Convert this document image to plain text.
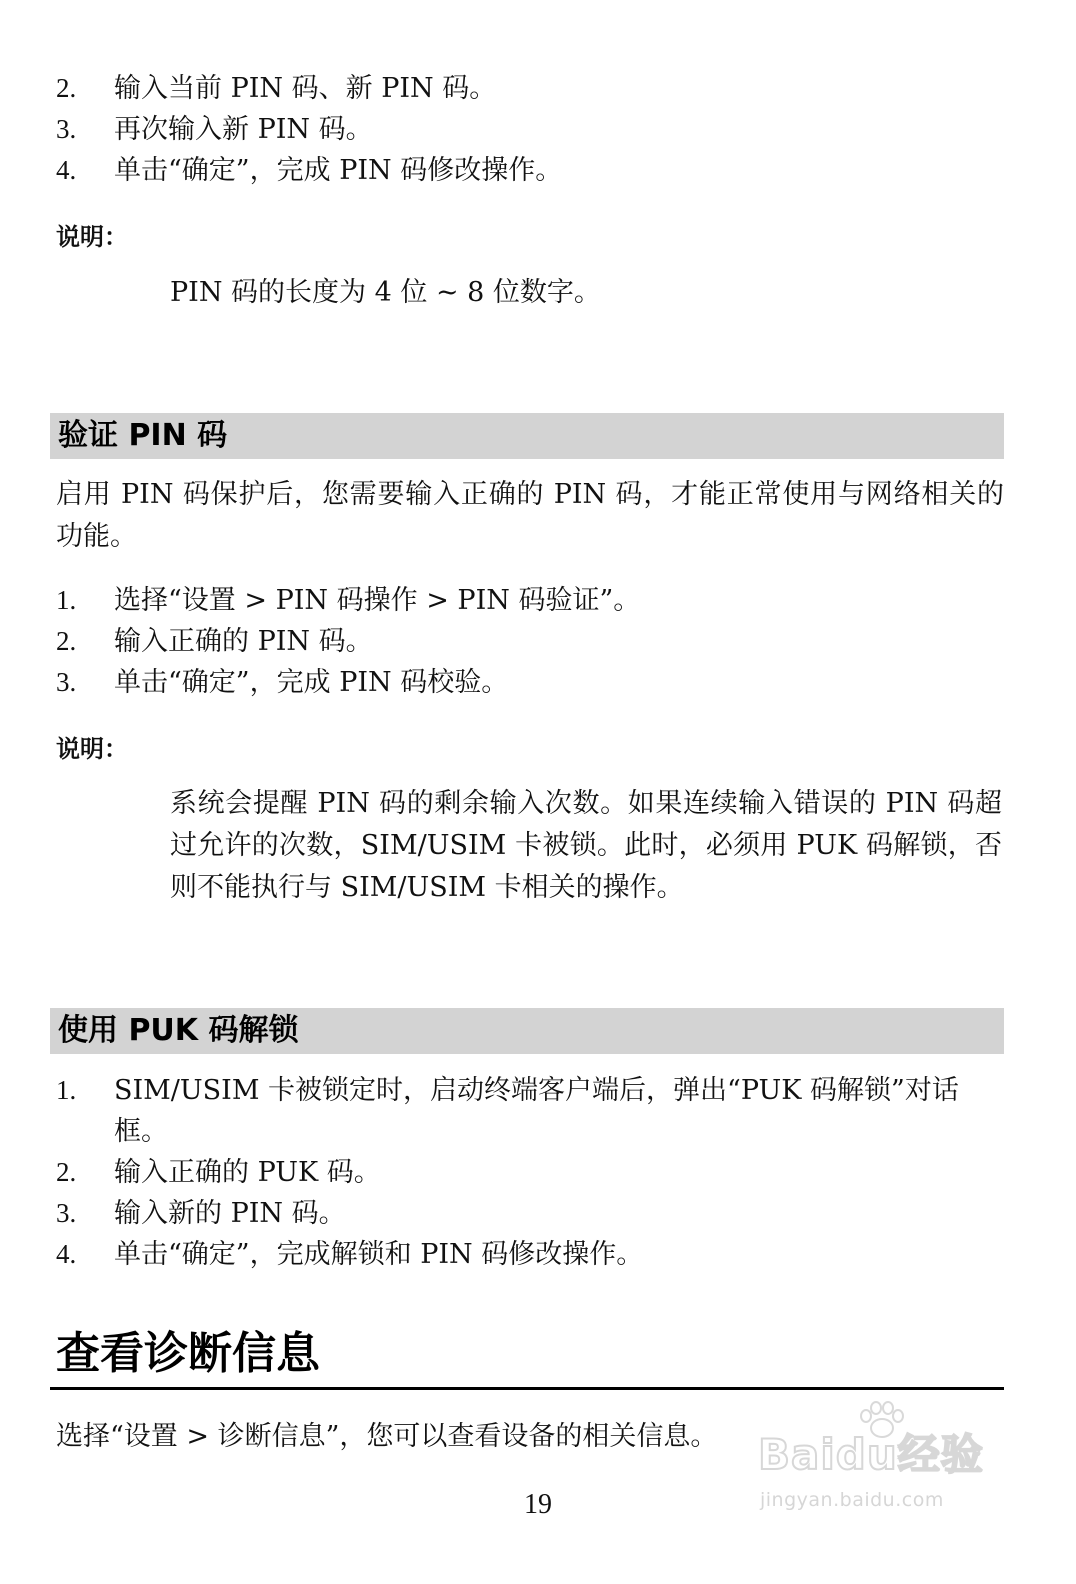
2.	输入当前 PIN 码、新 PIN 码。
3.	再次输入新 PIN 码。
4.	单击“确定”，完成 PIN 码修改操作。
说明：
PIN 码的长度为 4 位 ~ 8 位数字。
验证 PIN 码
启用 PIN 码保护后，您需要输入正确的 PIN 码，才能正常使用与网络相关的功能。
1.	选择“设置 > PIN 码操作 > PIN 码验证”。
2.	输入正确的 PIN 码。
3.	单击“确定”，完成 PIN 码校验。
说明：
系统会提醒 PIN 码的剩余输入次数。如果连续输入错误的 PIN 码超过允许的次数，SIM/USIM 卡被锁。此时，必须用 PUK 码解锁，否则不能执行与 SIM/USIM 卡相关的操作。
使用 PUK 码解锁
1.	SIM/USIM 卡被锁定时，启动终端客户端后，弹出“PUK 码解锁”对话框。
2.	输入正确的 PUK 码。
3.	输入新的 PIN 码。
4.	单击“确定”，完成解锁和 PIN 码修改操作。
查看诊断信息
选择“设置 > 诊断信息”，您可以查看设备的相关信息。
19
Baidu经验
jingyan.baidu.com
